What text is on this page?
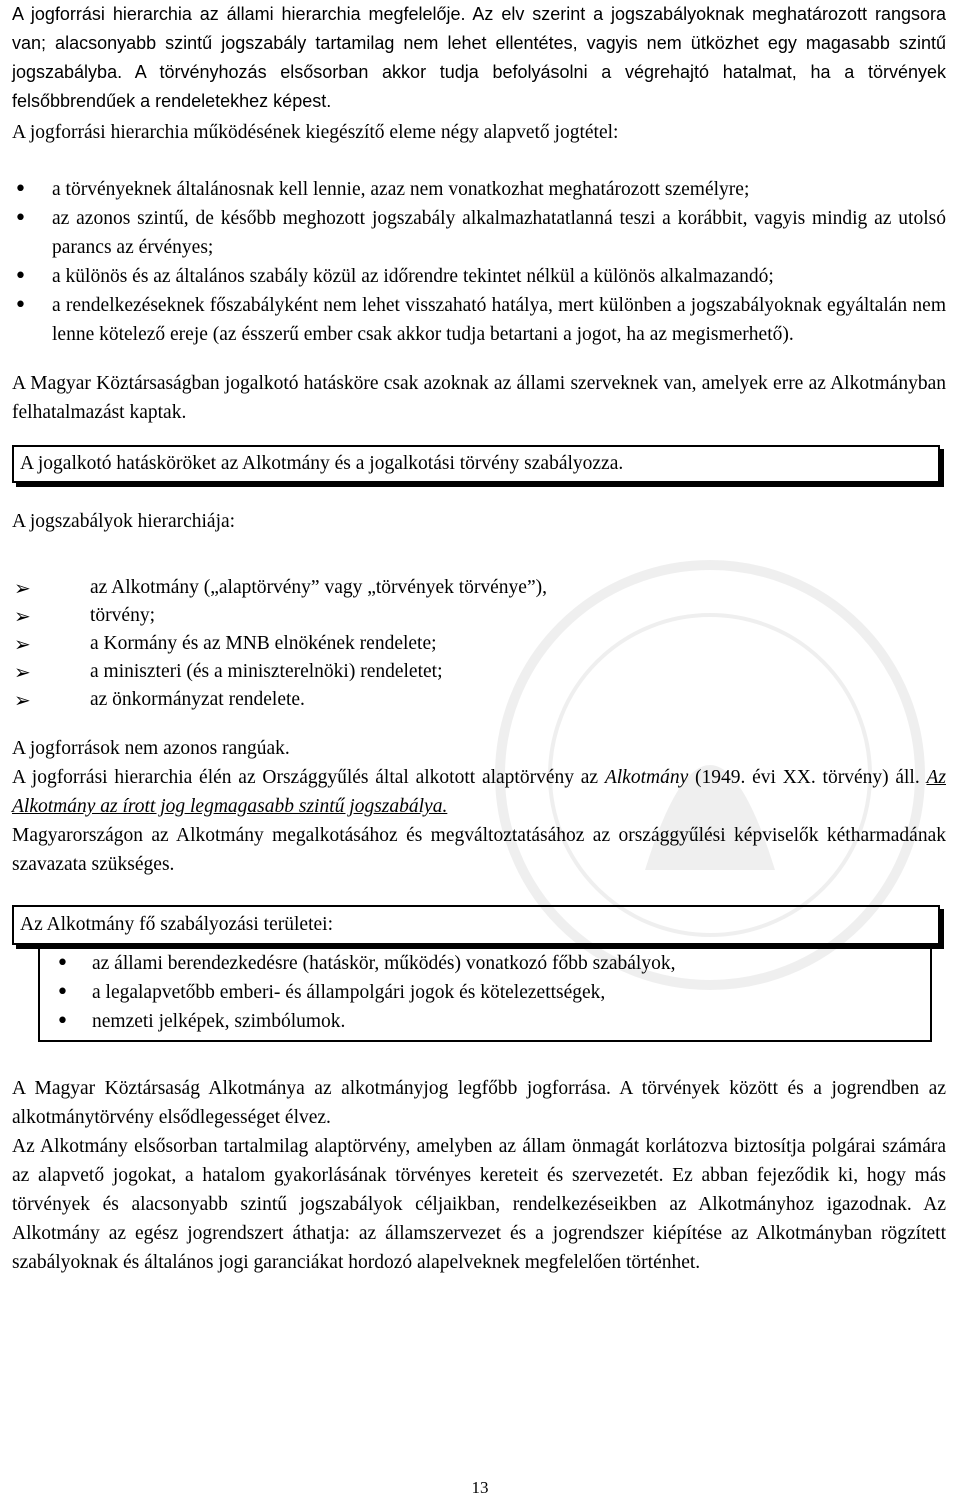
A jogforrási hierarchia az állami hierarchia megfelelője. Az elv szerint a jogszabályoknak meghatározott rangsora van; alacsonyabb szintű jogszabály tartamilag nem lehet ellentétes, vagyis nem ütközhet egy magasabb szintű jogszabályba. A törvényhozás elsősorban akkor tudja befolyásolni a végrehajtó hatalmat, ha a törvények felsőbbrendűek a rendeletekhez képest.

A jogforrási hierarchia működésének kiegészítő eleme négy alapvető jogtétel:

• a törvényeknek általánosnak kell lennie, azaz nem vonatkozhat meghatározott személyre;
• az azonos szintű, de később meghozott jogszabály alkalmazhatatlanná teszi a korábbit, vagyis mindig az utolsó parancs az érvényes;
• a különös és az általános szabály közül az időrendre tekintet nélkül a különös alkalmazandó;
• a rendelkezéseknek főszabályként nem lehet visszaható hatálya, mert különben a jogszabályoknak egyáltalán nem lenne kötelező ereje (az ésszerű ember csak akkor tudja betartani a jogot, ha az megismerhető).

A Magyar Köztársaságban jogalkotó hatásköre csak azoknak az állami szerveknek van, amelyek erre az Alkotmányban felhatalmazást kaptak.

A jogalkotó hatásköröket az Alkotmány és a jogalkotási törvény szabályozza.

A jogszabályok hierarchiája:

➢	az Alkotmány („alaptörvény” vagy „törvények törvénye”),
➢	törvény;
➢	a Kormány és az MNB elnökének rendelete;
➢	a miniszteri (és a miniszterelnöki) rendeletet;
➢	az önkormányzat rendelete.

A jogforrások nem azonos rangúak.

A jogforrási hierarchia élén az Országgyűlés által alkotott alaptörvény az Alkotmány (1949. évi XX. törvény) áll. Az Alkotmány az írott jog legmagasabb szintű jogszabálya.

Magyarországon az Alkotmány megalkotásához és megváltoztatásához az országgyűlési képviselők kétharmadának szavazata szükséges.

Az Alkotmány fő szabályozási területei:
• az állami berendezkedésre (hatáskör, működés) vonatkozó főbb szabályok,
• a legalapvetőbb emberi- és állampolgári jogok és kötelezettségek,
• nemzeti jelképek, szimbólumok.

A Magyar Köztársaság Alkotmánya az alkotmányjog legfőbb jogforrása. A törvények között és a jogrendben az alkotmánytörvény elsődlegességet élvez.

Az Alkotmány elsősorban tartalmilag alaptörvény, amelyben az állam önmagát korlátozva biztosítja polgárai számára az alapvető jogokat, a hatalom gyakorlásának törvényes kereteit és szervezetét. Ez abban fejeződik ki, hogy más törvények és alacsonyabb szintű jogszabályok céljaikban, rendelkezéseikben az Alkotmányhoz igazodnak. Az Alkotmány az egész jogrendszert áthatja: az államszervezet és a jogrendszer kiépítése az Alkotmányban rögzített szabályoknak és általános jogi garanciákat hordozó alapelveknek megfelelően történhet.

13
